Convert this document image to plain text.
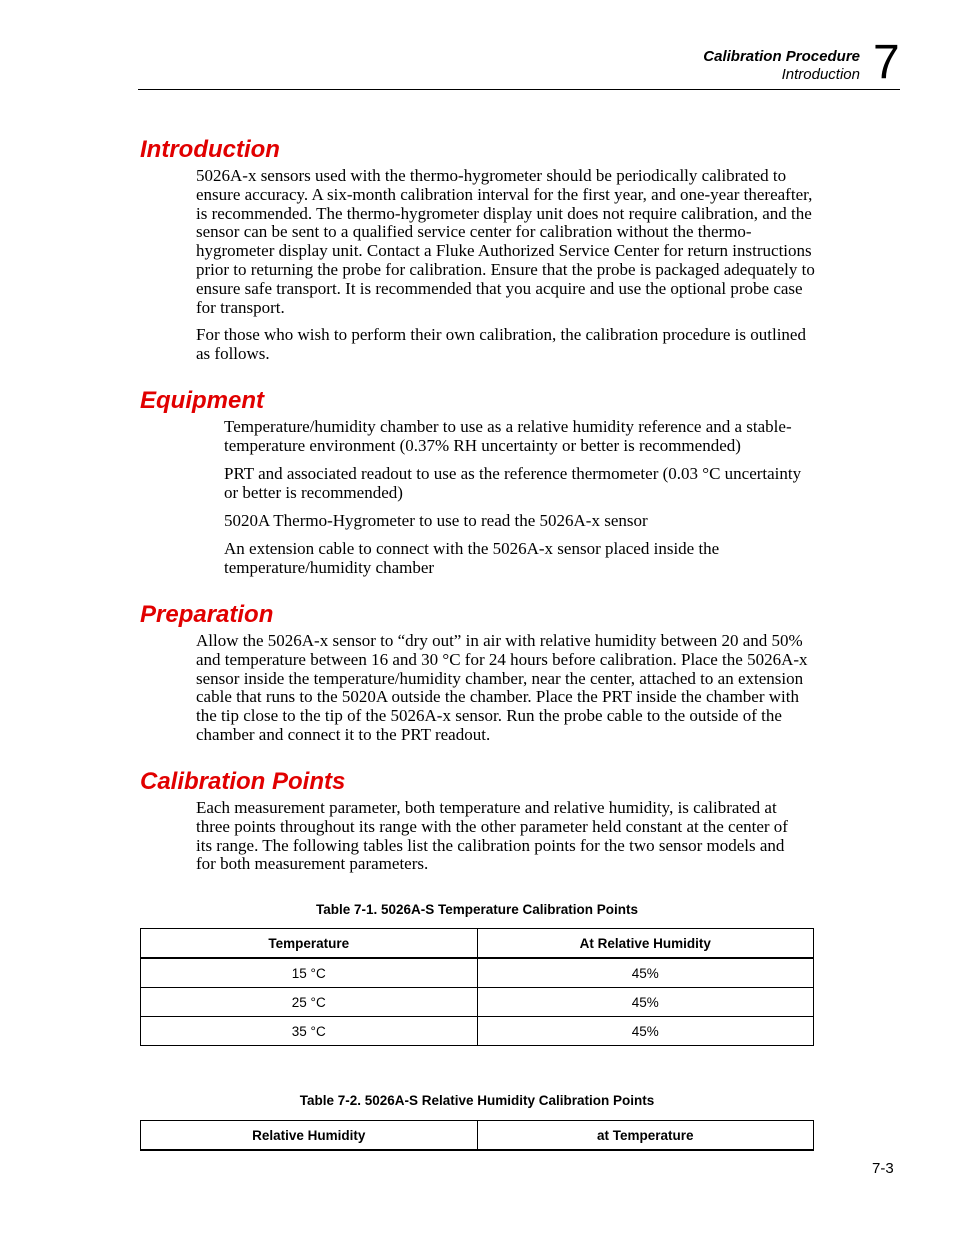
Calibration Procedure
Introduction 7
Introduction

5026A-x sensors used with the thermo-hygrometer should be periodically calibrated to ensure accuracy. A six-month calibration interval for the first year, and one-year thereafter, is recommended. The thermo-hygrometer display unit does not require calibration, and the sensor can be sent to a qualified service center for calibration without the thermo-hygrometer display unit. Contact a Fluke Authorized Service Center for return instructions prior to returning the probe for calibration. Ensure that the probe is packaged adequately to ensure safe transport. It is recommended that you acquire and use the optional probe case for transport.

For those who wish to perform their own calibration, the calibration procedure is outlined as follows.

Equipment

Temperature/humidity chamber to use as a relative humidity reference and a stable-temperature environment (0.37% RH uncertainty or better is recommended)

PRT and associated readout to use as the reference thermometer (0.03 °C uncertainty or better is recommended)

5020A Thermo-Hygrometer to use to read the 5026A-x sensor

An extension cable to connect with the 5026A-x sensor placed inside the temperature/humidity chamber

Preparation

Allow the 5026A-x sensor to “dry out” in air with relative humidity between 20 and 50% and temperature between 16 and 30 °C for 24 hours before calibration. Place the 5026A-x sensor inside the temperature/humidity chamber, near the center, attached to an extension cable that runs to the 5020A outside the chamber. Place the PRT inside the chamber with the tip close to the tip of the 5026A-x sensor. Run the probe cable to the outside of the chamber and connect it to the PRT readout.

Calibration Points

Each measurement parameter, both temperature and relative humidity, is calibrated at three points throughout its range with the other parameter held constant at the center of its range. The following tables list the calibration points for the two sensor models and for both measurement parameters.

Table 7-1. 5026A-S Temperature Calibration Points
Temperature	At Relative Humidity
15 °C	45%
25 °C	45%
35 °C	45%
Table 7-2. 5026A-S Relative Humidity Calibration Points
Relative Humidity	at Temperature
7-3
